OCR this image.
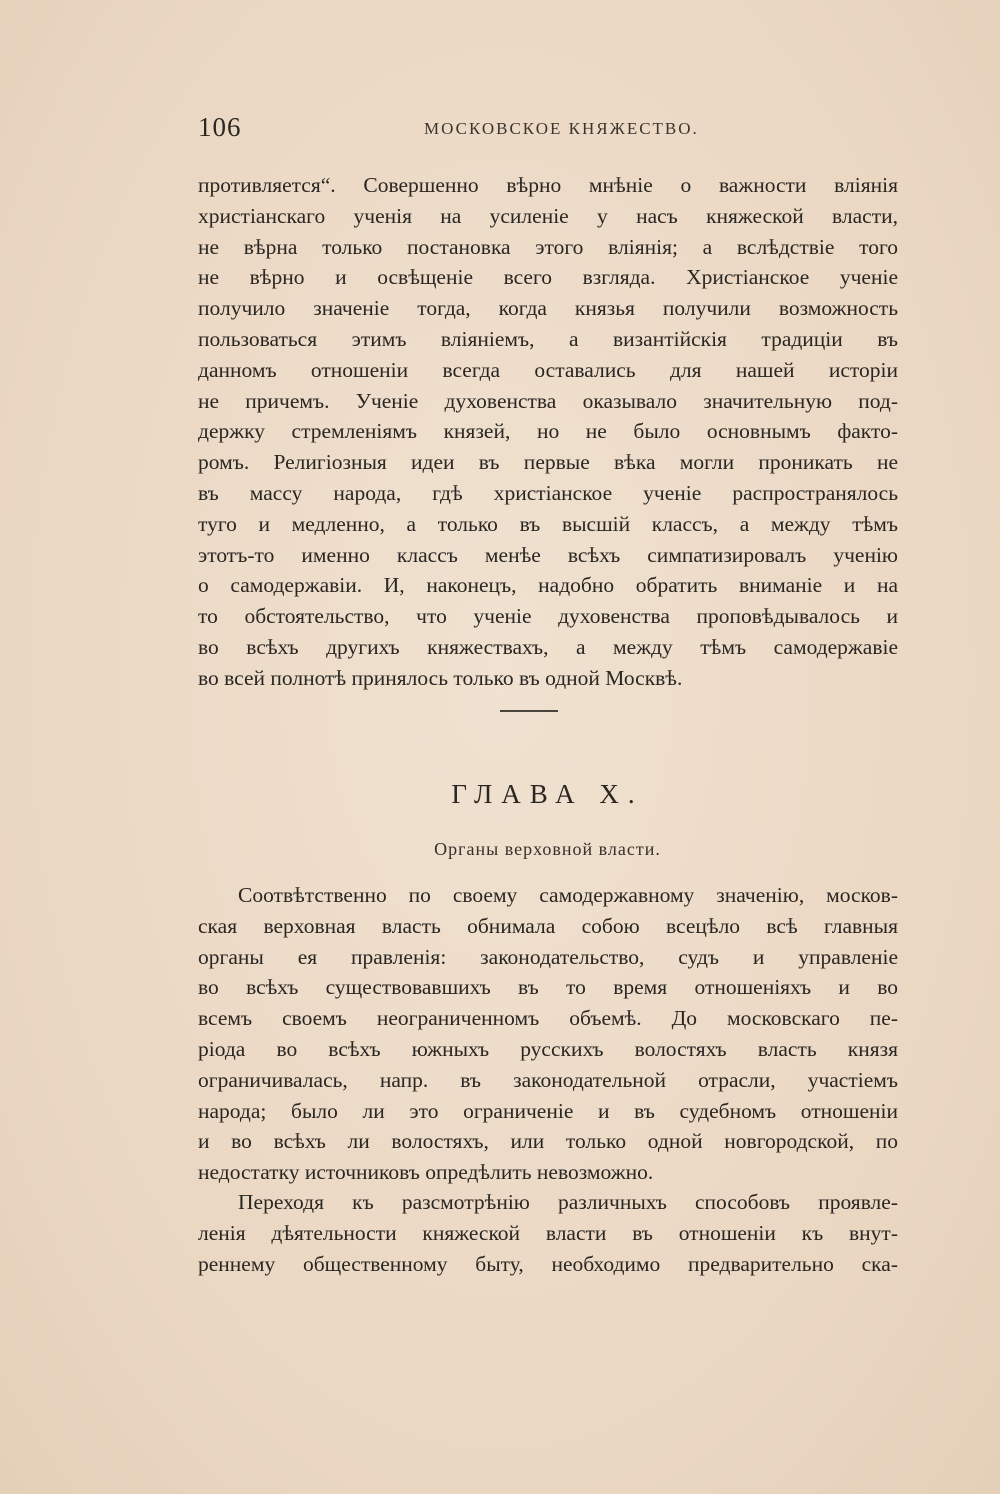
106	МОСКОВСКОЕ КНЯЖЕСТВО.
противляется“. Совершенно вѣрно мнѣніе о важности вліянія
христіанскаго ученія на усиленіе у насъ княжеской власти,
не вѣрна только постановка этого вліянія; а вслѣдствіе того
не вѣрно и освѣщеніе всего взгляда. Христіанское ученіе
получило значеніе тогда, когда князья получили возможность
пользоваться этимъ вліяніемъ, а византійскія традиціи въ
данномъ отношеніи всегда оставались для нашей исторіи
не причемъ. Ученіе духовенства оказывало значительную под-
держку стремленіямъ князей, но не было основнымъ факто-
ромъ. Религіозныя идеи въ первые вѣка могли проникать не
въ массу народа, гдѣ христіанское ученіе распространялось
туго и медленно, а только въ высшій классъ, а между тѣмъ
этотъ-то именно классъ менѣе всѣхъ симпатизировалъ ученію
о самодержавіи. И, наконецъ, надобно обратить вниманіе и на
то обстоятельство, что ученіе духовенства проповѣдывалось и
во всѣхъ другихъ княжествахъ, а между тѣмъ самодержавіе
во всей полнотѣ принялось только въ одной Москвѣ.
ГЛАВА X.
Органы верховной власти.
Соотвѣтственно по своему самодержавному значенію, москов-
ская верховная власть обнимала собою всецѣло всѣ главныя
органы ея правленія: законодательство, судъ и управленіе
во всѣхъ существовавшихъ въ то время отношеніяхъ и во
всемъ своемъ неограниченномъ объемѣ. До московскаго пе-
ріода во всѣхъ южныхъ русскихъ волостяхъ власть князя
ограничивалась, напр. въ законодательной отрасли, участіемъ
народа; было ли это ограниченіе и въ судебномъ отношеніи
и во всѣхъ ли волостяхъ, или только одной новгородской, по
недостатку источниковъ опредѣлить невозможно.
Переходя къ разсмотрѣнію различныхъ способовъ проявле-
ленія дѣятельности княжеской власти въ отношеніи къ внут-
реннему общественному быту, необходимо предварительно ска-
